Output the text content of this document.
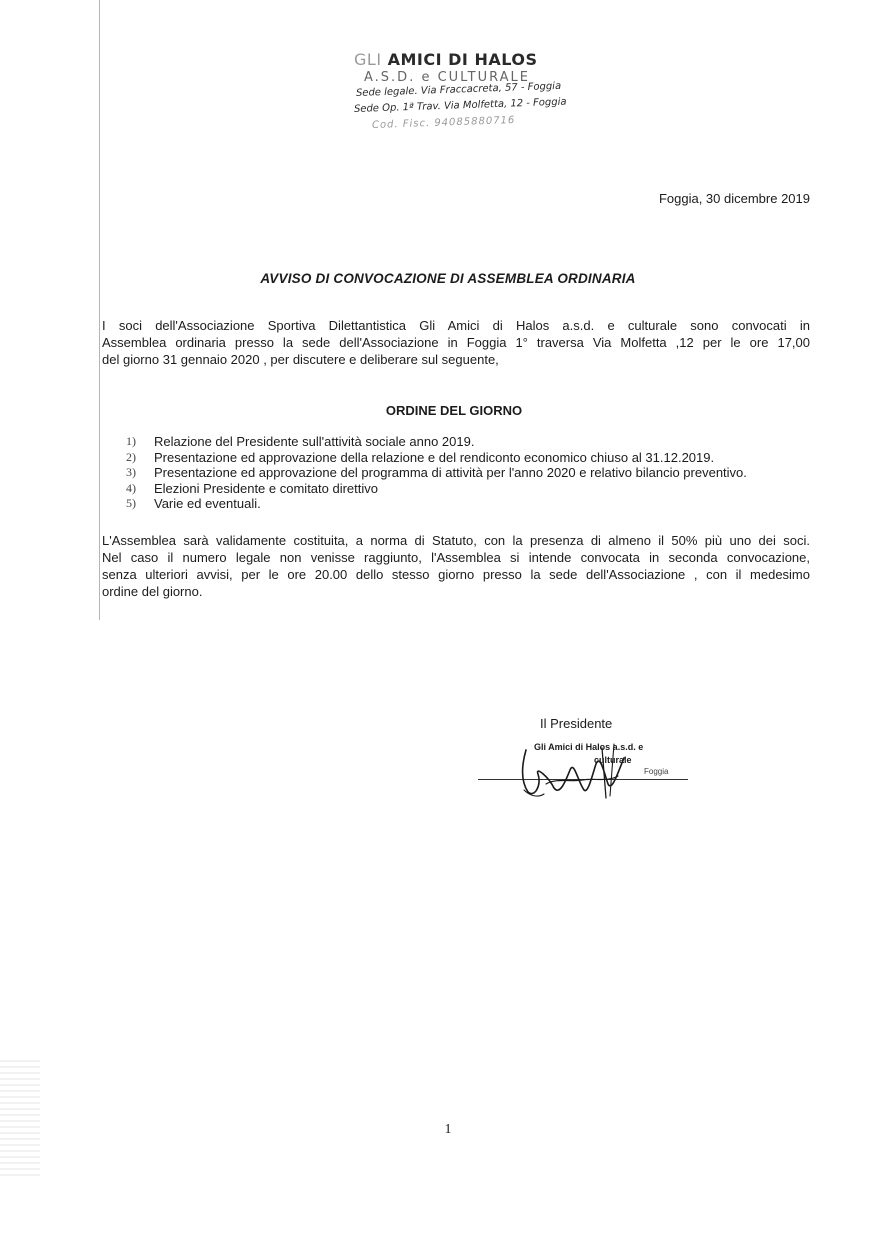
GLI AMICI DI HALOS
A.S.D. e CULTURALE
Sede legale. Via Fraccacreta, 57 - Foggia
Sede Op. 1ª Trav. Via Molfetta, 12 - Foggia
Cod. Fisc. 94085880716
Foggia, 30 dicembre 2019
AVVISO DI CONVOCAZIONE DI ASSEMBLEA ORDINARIA
I soci dell'Associazione Sportiva Dilettantistica Gli Amici di Halos a.s.d. e culturale sono convocati in
Assemblea ordinaria presso la sede dell'Associazione in Foggia 1° traversa Via Molfetta ,12 per le ore 17,00
del giorno 31 gennaio 2020 , per discutere e deliberare sul seguente,
ORDINE DEL GIORNO
1)	Relazione del Presidente sull'attività sociale anno 2019.
2)	Presentazione ed approvazione della relazione e del rendiconto economico chiuso al 31.12.2019.
3)	Presentazione ed approvazione del programma di attività per l'anno 2020 e relativo bilancio preventivo.
4)	Elezioni Presidente e comitato direttivo
5)	Varie ed eventuali.
L'Assemblea sarà validamente costituita, a norma di Statuto, con la presenza di almeno il 50% più uno dei soci.
Nel caso il numero legale non venisse raggiunto, l'Assemblea si intende convocata in seconda convocazione,
senza ulteriori avvisi, per le ore 20.00 dello stesso giorno presso la sede dell'Associazione , con il medesimo
ordine del giorno.
Il Presidente
Gli Amici di Halos a.s.d. e
culturale
Foggia
1
